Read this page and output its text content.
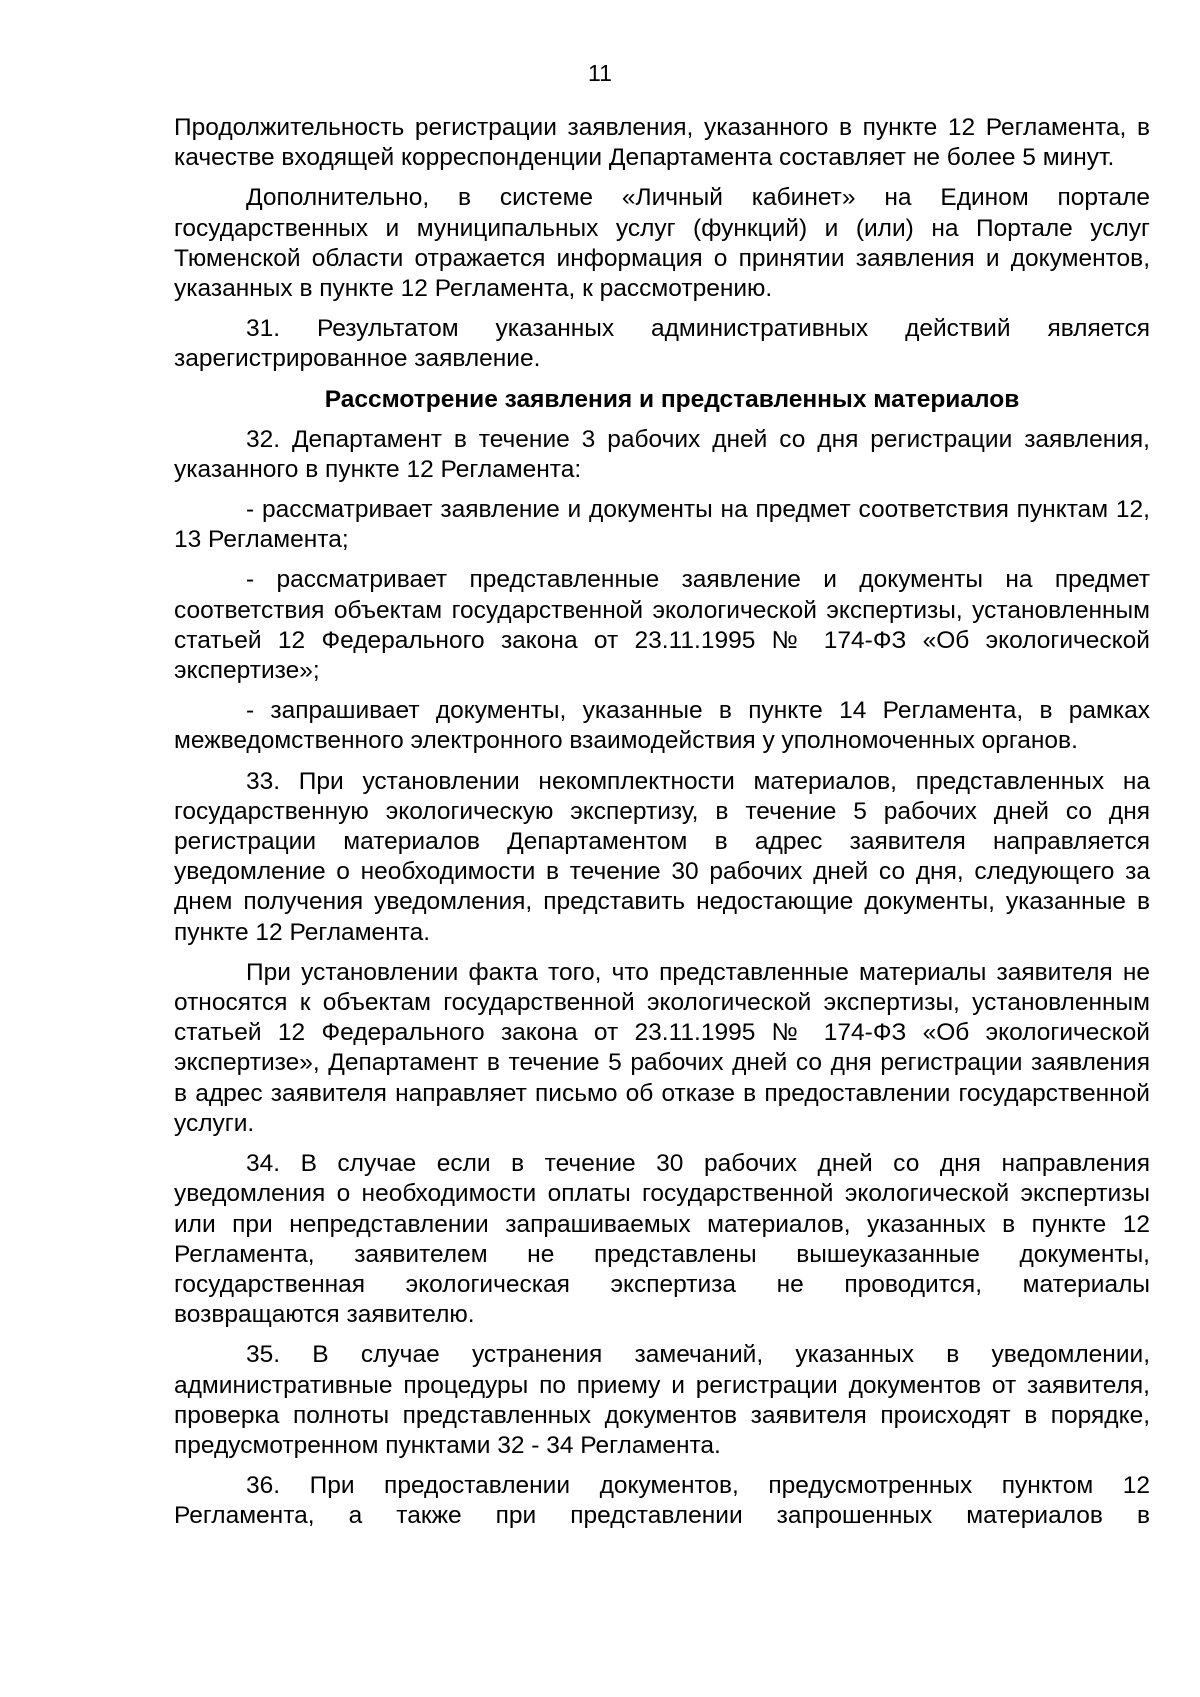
11

Продолжительность регистрации заявления, указанного в пункте 12 Регламента, в качестве входящей корреспонденции Департамента составляет не более 5 минут.

Дополнительно, в системе «Личный кабинет» на Едином портале государственных и муниципальных услуг (функций) и (или) на Портале услуг Тюменской области отражается информация о принятии заявления и документов, указанных в пункте 12 Регламента, к рассмотрению.

31. Результатом указанных административных действий является зарегистрированное заявление.

Рассмотрение заявления и представленных материалов

32. Департамент в течение 3 рабочих дней со дня регистрации заявления, указанного в пункте 12 Регламента:

- рассматривает заявление и документы на предмет соответствия пунктам 12, 13 Регламента;

- рассматривает представленные заявление и документы на предмет соответствия объектам государственной экологической экспертизы, установленным статьей 12 Федерального закона от 23.11.1995 № 174-ФЗ «Об экологической экспертизе»;

- запрашивает документы, указанные в пункте 14 Регламента, в рамках межведомственного электронного взаимодействия у уполномоченных органов.

33. При установлении некомплектности материалов, представленных на государственную экологическую экспертизу, в течение 5 рабочих дней со дня регистрации материалов Департаментом в адрес заявителя направляется уведомление о необходимости в течение 30 рабочих дней со дня, следующего за днем получения уведомления, представить недостающие документы, указанные в пункте 12 Регламента.

При установлении факта того, что представленные материалы заявителя не относятся к объектам государственной экологической экспертизы, установленным статьей 12 Федерального закона от 23.11.1995 № 174-ФЗ «Об экологической экспертизе», Департамент в течение 5 рабочих дней со дня регистрации заявления в адрес заявителя направляет письмо об отказе в предоставлении государственной услуги.

34. В случае если в течение 30 рабочих дней со дня направления уведомления о необходимости оплаты государственной экологической экспертизы или при непредставлении запрашиваемых материалов, указанных в пункте 12 Регламента, заявителем не представлены вышеуказанные документы, государственная экологическая экспертиза не проводится, материалы возвращаются заявителю.

35. В случае устранения замечаний, указанных в уведомлении, административные процедуры по приему и регистрации документов от заявителя, проверка полноты представленных документов заявителя происходят в порядке, предусмотренном пунктами 32 - 34 Регламента.

36. При предоставлении документов, предусмотренных пунктом 12 Регламента, а также при представлении запрошенных материалов в
